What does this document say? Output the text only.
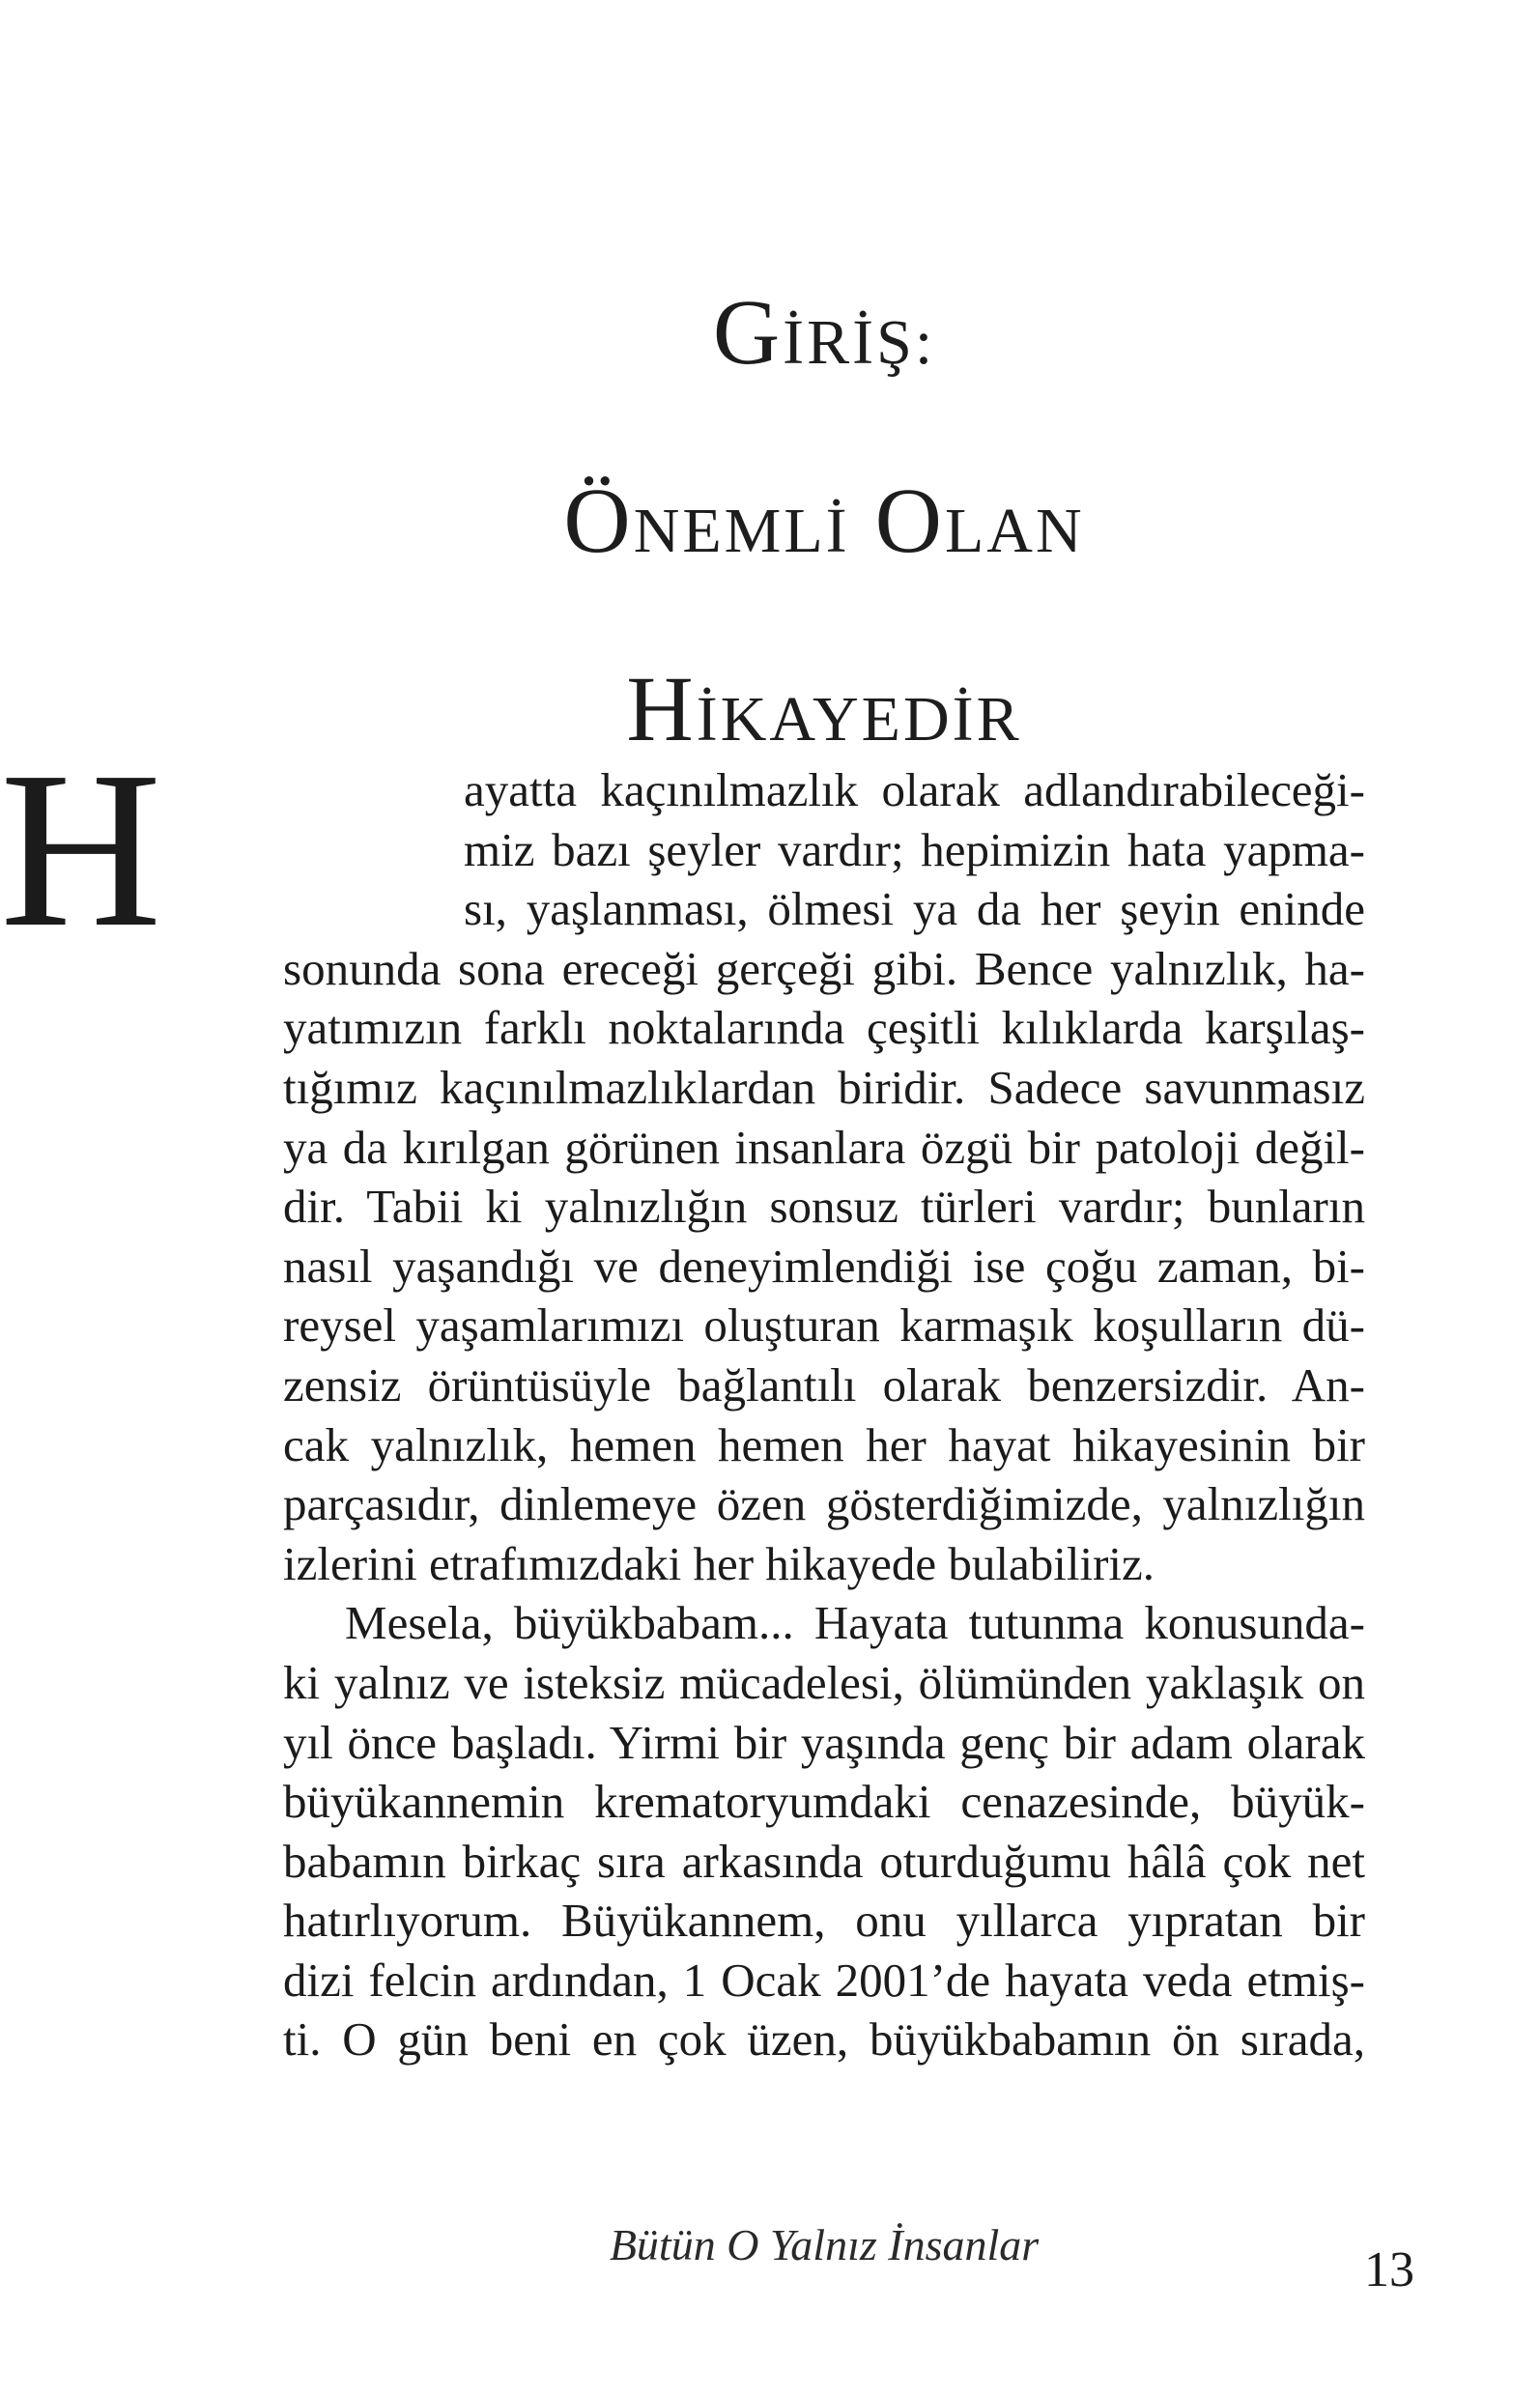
GİRİŞ:
ÖNEMLİ OLAN
HİKAYEDİR
H	ayatta kaçınılmazlık olarak adlandırabileceği-
miz bazı şeyler vardır; hepimizin hata yapma-
sı, yaşlanması, ölmesi ya da her şeyin eninde
sonunda sona ereceği gerçeği gibi. Bence yalnızlık, ha-
yatımızın farklı noktalarında çeşitli kılıklarda karşılaş-
tığımız kaçınılmazlıklardan biridir. Sadece savunmasız
ya da kırılgan görünen insanlara özgü bir patoloji değil-
dir. Tabii ki yalnızlığın sonsuz türleri vardır; bunların
nasıl yaşandığı ve deneyimlendiği ise çoğu zaman, bi-
reysel yaşamlarımızı oluşturan karmaşık koşulların dü-
zensiz örüntüsüyle bağlantılı olarak benzersizdir. An-
cak yalnızlık, hemen hemen her hayat hikayesinin bir
parçasıdır, dinlemeye özen gösterdiğimizde, yalnızlığın
izlerini etrafımızdaki her hikayede bulabiliriz.
Mesela, büyükbabam... Hayata tutunma konusunda-
ki yalnız ve isteksiz mücadelesi, ölümünden yaklaşık on
yıl önce başladı. Yirmi bir yaşında genç bir adam olarak
büyükannemin krematoryumdaki cenazesinde, büyük-
babamın birkaç sıra arkasında oturduğumu hâlâ çok net
hatırlıyorum. Büyükannem, onu yıllarca yıpratan bir
dizi felcin ardından, 1 Ocak 2001’de hayata veda etmiş-
ti. O gün beni en çok üzen, büyükbabamın ön sırada,
Bütün O Yalnız İnsanlar	13
